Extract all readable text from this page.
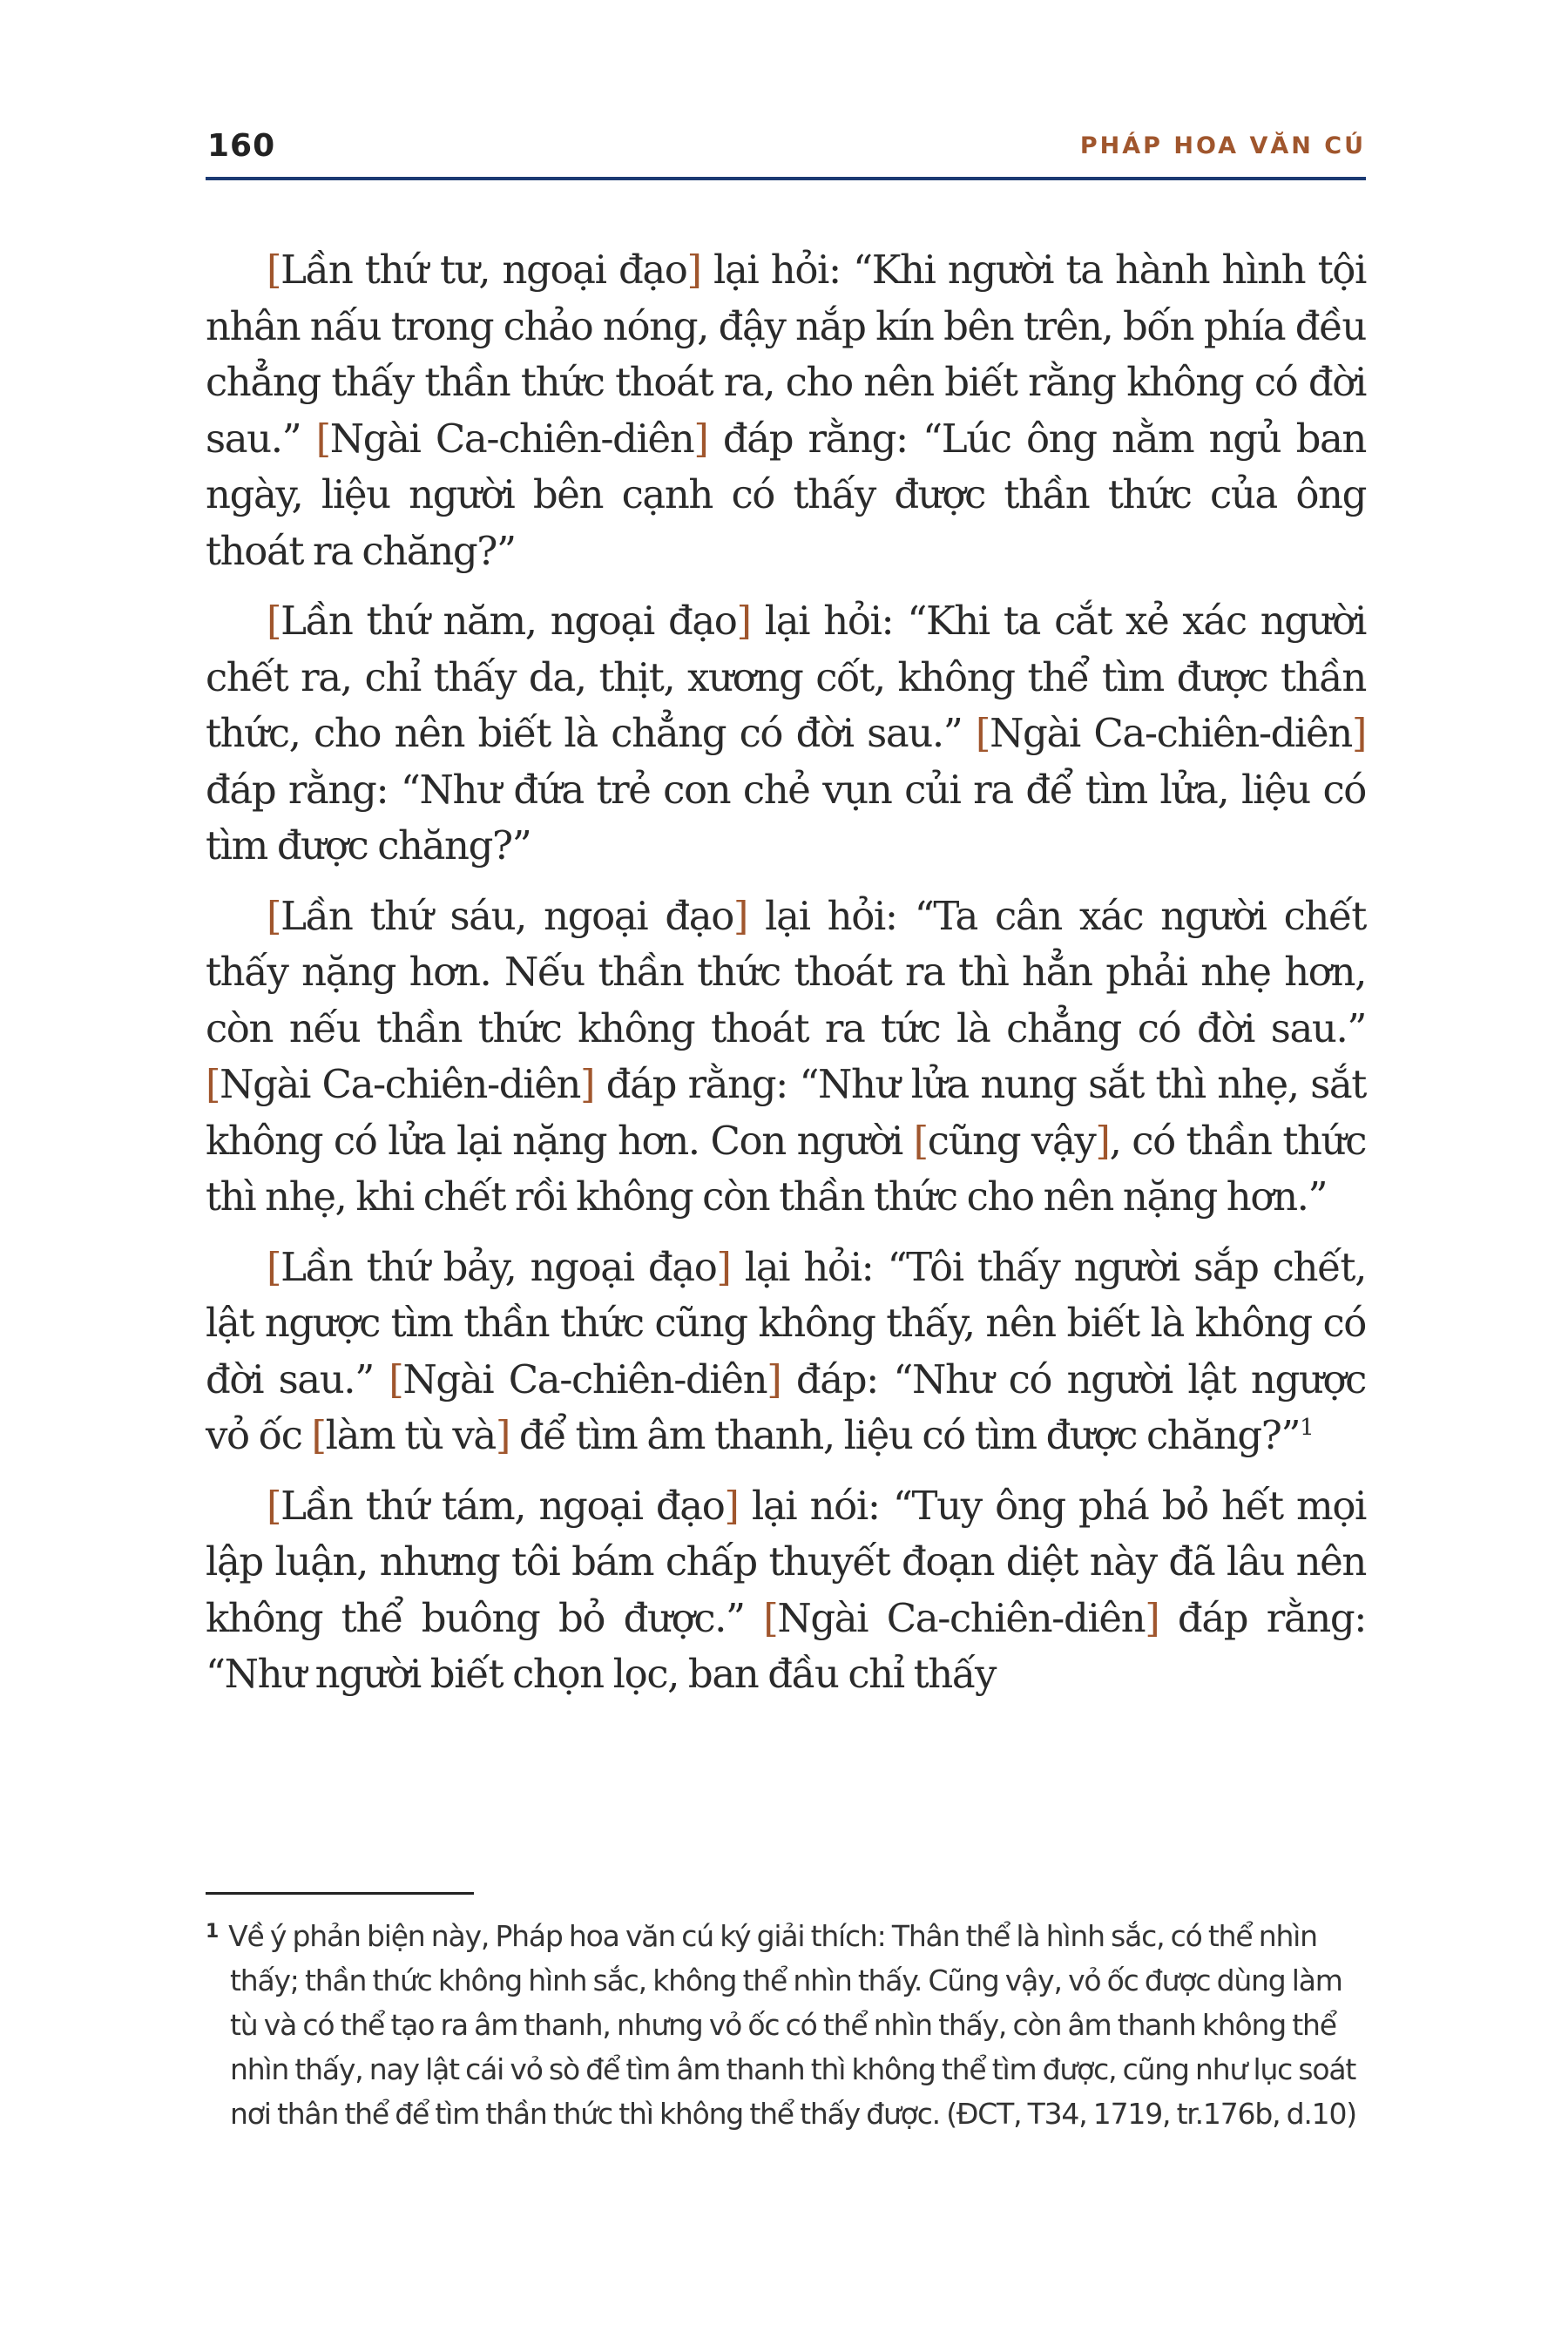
160	PHÁP HOA VĂN CÚ

[Lần thứ tư, ngoại đạo] lại hỏi: “Khi người ta hành hình tội nhân nấu trong chảo nóng, đậy nắp kín bên trên, bốn phía đều chẳng thấy thần thức thoát ra, cho nên biết rằng không có đời sau.” [Ngài Ca-chiên-diên] đáp rằng: “Lúc ông nằm ngủ ban ngày, liệu người bên cạnh có thấy được thần thức của ông thoát ra chăng?”

[Lần thứ năm, ngoại đạo] lại hỏi: “Khi ta cắt xẻ xác người chết ra, chỉ thấy da, thịt, xương cốt, không thể tìm được thần thức, cho nên biết là chẳng có đời sau.” [Ngài Ca-chiên-diên] đáp rằng: “Như đứa trẻ con chẻ vụn củi ra để tìm lửa, liệu có tìm được chăng?”

[Lần thứ sáu, ngoại đạo] lại hỏi: “Ta cân xác người chết thấy nặng hơn. Nếu thần thức thoát ra thì hẳn phải nhẹ hơn, còn nếu thần thức không thoát ra tức là chẳng có đời sau.” [Ngài Ca-chiên-diên] đáp rằng: “Như lửa nung sắt thì nhẹ, sắt không có lửa lại nặng hơn. Con người [cũng vậy], có thần thức thì nhẹ, khi chết rồi không còn thần thức cho nên nặng hơn.”

[Lần thứ bảy, ngoại đạo] lại hỏi: “Tôi thấy người sắp chết, lật ngược tìm thần thức cũng không thấy, nên biết là không có đời sau.” [Ngài Ca-chiên-diên] đáp: “Như có người lật ngược vỏ ốc [làm tù và] để tìm âm thanh, liệu có tìm được chăng?”$^1$

[Lần thứ tám, ngoại đạo] lại nói: “Tuy ông phá bỏ hết mọi lập luận, nhưng tôi bám chấp thuyết đoạn diệt này đã lâu nên không thể buông bỏ được.” [Ngài Ca-chiên-diên] đáp rằng: “Như người biết chọn lọc, ban đầu chỉ thấy

$^1$ Về ý phản biện này, Pháp hoa văn cú ký giải thích: Thân thể là hình sắc, có thể nhìn thấy; thần thức không hình sắc, không thể nhìn thấy. Cũng vậy, vỏ ốc được dùng làm tù và có thể tạo ra âm thanh, nhưng vỏ ốc có thể nhìn thấy, còn âm thanh không thể nhìn thấy, nay lật cái vỏ sò để tìm âm thanh thì không thể tìm được, cũng như lục soát nơi thân thể để tìm thần thức thì không thể thấy được. (ĐCT, T34, 1719, tr.176b, d.10)
